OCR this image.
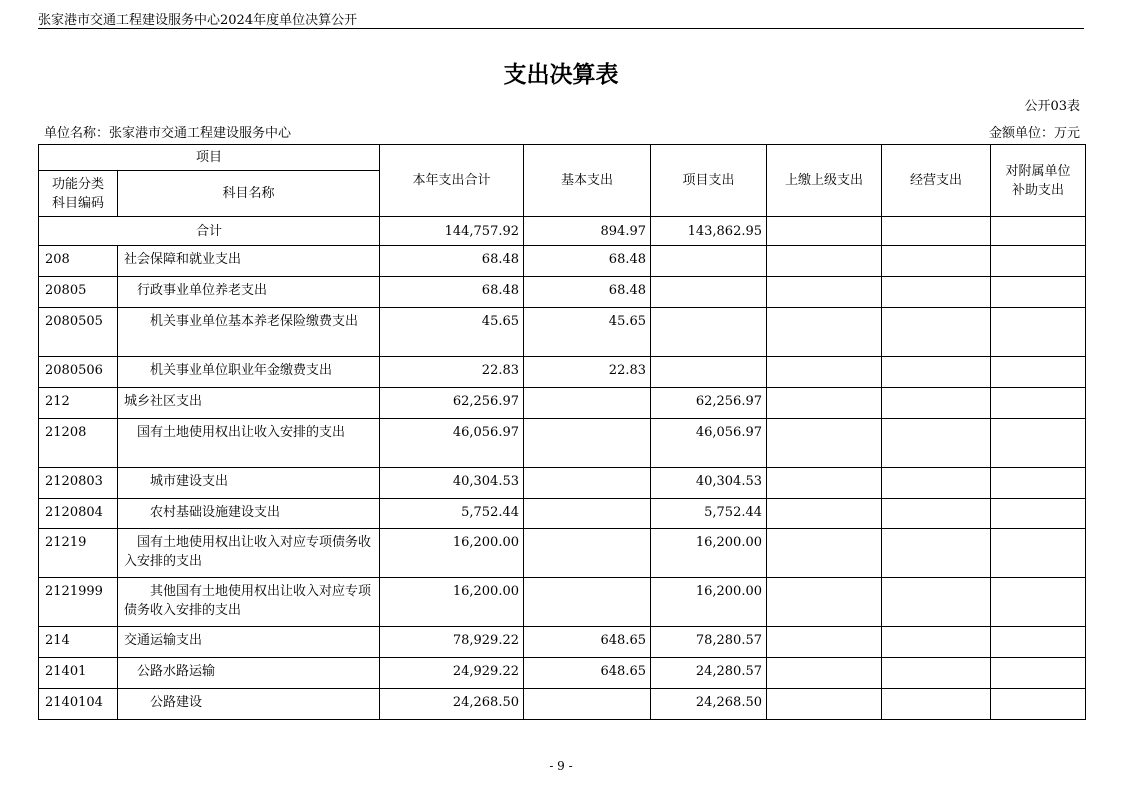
张家港市交通工程建设服务中心2024年度单位决算公开
支出决算表
公开03表
单位名称：张家港市交通工程建设服务中心	金额单位：万元
项目		本年支出合计	基本支出	项目支出	上缴上级支出	经营支出	对附属单位
补助支出
功能分类
科目编码	科目名称						
合计		144,757.92	894.97	143,862.95			
208	社会保障和就业支出	68.48	68.48				
20805	　行政事业单位养老支出	68.48	68.48				
2080505	　　机关事业单位基本养老保险缴费支出	45.65	45.65				
2080506	　　机关事业单位职业年金缴费支出	22.83	22.83				
212	城乡社区支出	62,256.97		62,256.97			
21208	　国有土地使用权出让收入安排的支出	46,056.97		46,056.97			
2120803	　　城市建设支出	40,304.53		40,304.53			
2120804	　　农村基础设施建设支出	5,752.44		5,752.44			
21219	　国有土地使用权出让收入对应专项债务收入安排的支出	16,200.00		16,200.00			
2121999	　　其他国有土地使用权出让收入对应专项债务收入安排的支出	16,200.00		16,200.00			
214	交通运输支出	78,929.22	648.65	78,280.57			
21401	　公路水路运输	24,929.22	648.65	24,280.57			
2140104	　　公路建设	24,268.50		24,268.50			
- 9 -
